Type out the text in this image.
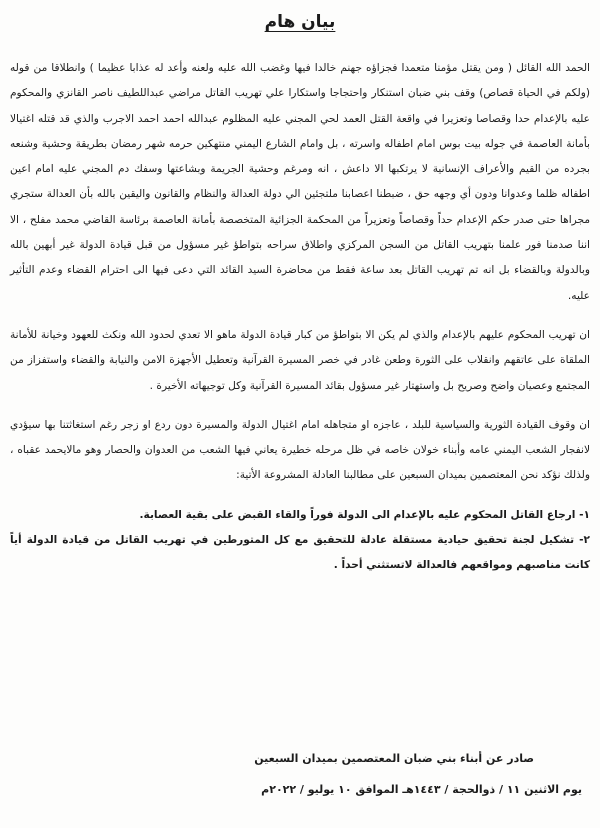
بيان هام

الحمد الله القائل ( ومن يقتل مؤمنا متعمدا فجزاؤه جهنم خالدا فيها وغضب الله عليه ولعنه وأعد له عذابا عظيما ) وانطلاقا من قوله (ولكم في الحياة قصاص) وقف بني ضبان استنكار واحتجاجا واستكارا علي تهريب القاتل مراضي عبداللطيف ناصر القانزي والمحكوم عليه بالإعدام حدا وقصاصا وتعزيرا في واقعة القتل العمد لحي المجني عليه المظلوم عبدالله احمد احمد الاجرب والذي قد قتله اغتيالا بأمانة العاصمة في جوله بيت بوس امام اطفاله واسرته ، بل وامام الشارع اليمني منتهكين حرمه شهر رمضان بطريقة وحشية وشنعه بجرده من القيم والأعراف الإنسانية لا يرتكبها الا داعش ، انه ومرغم وحشية الجريمة وبشاعتها وسفك دم المجني عليه امام اعين اطفاله ظلما وعدوانا ودون أي وجهه حق ، ضبطنا اعصابنا ملتجئين الي دولة العدالة والنظام والقانون واليقين بالله بأن العدالة ستجري مجراها حتى صدر حكم الإعدام حداً وقصاصاً وتعزيراً من المحكمة الجزائية المتخصصة بأمانة العاصمة برئاسة القاضي محمد مفلح ، الا اننا صدمنا فور علمنا بتهريب القاتل من السجن المركزي واطلاق سراحه بتواطؤ غير مسؤول من قبل قيادة الدولة غير أبهين بالله وبالدولة وبالقضاء بل انه تم تهريب القاتل بعد ساعة فقط من محاضرة السيد القائد التي دعى فيها الى احترام القضاء وعدم التأثير عليه.

ان تهريب المحكوم عليهم بالإعدام والذي لم يكن الا بتواطؤ من كبار قيادة الدولة ماهو الا تعدي لحدود الله ونكث للعهود وخيانة للأمانة الملقاة على عاتقهم وانقلاب على الثورة وطعن غادر في خصر المسيرة القرآنية وتعطيل الأجهزة الامن والنيابة والقضاء واستفزاز من المجتمع وعصيان واضح وصريح بل واستهتار غير مسؤول بقائد المسيرة القرآنية وكل توجيهاته الأخيرة .

ان وقوف القيادة الثورية والسياسية للبلد ، عاجزه او متجاهله امام اغتيال الدولة والمسيرة دون ردع او زجر رغم استغاثتنا بها سيؤدي لانفجار الشعب اليمني عامه وأبناء خولان خاصه في ظل مرحله خطيرة يعاني فيها الشعب من العدوان والحصار وهو مالايحمد عقباه ، ولذلك نؤكد نحن المعتصمين بميدان السبعين على مطالبنا العادلة المشروعة الأتية:

١- ارجاع القاتل المحكوم عليه بالإعدام الى الدولة فوراً والقاء القبض على بقية العصابة.

٢- تشكيل لجنة تحقيق حيادية مستقلة عادلة للتحقيق مع كل المتورطين في تهريب القاتل من قيادة الدولة أياً كانت مناصبهم ومواقعهم فالعدالة لاتستثني أحداً .

صادر عن أبناء بني ضبان المعتصمين بميدان السبعين
يوم الاثنين ١١ / ذوالحجة / ١٤٤٣هـ الموافق ١٠ يوليو / ٢٠٢٢م
